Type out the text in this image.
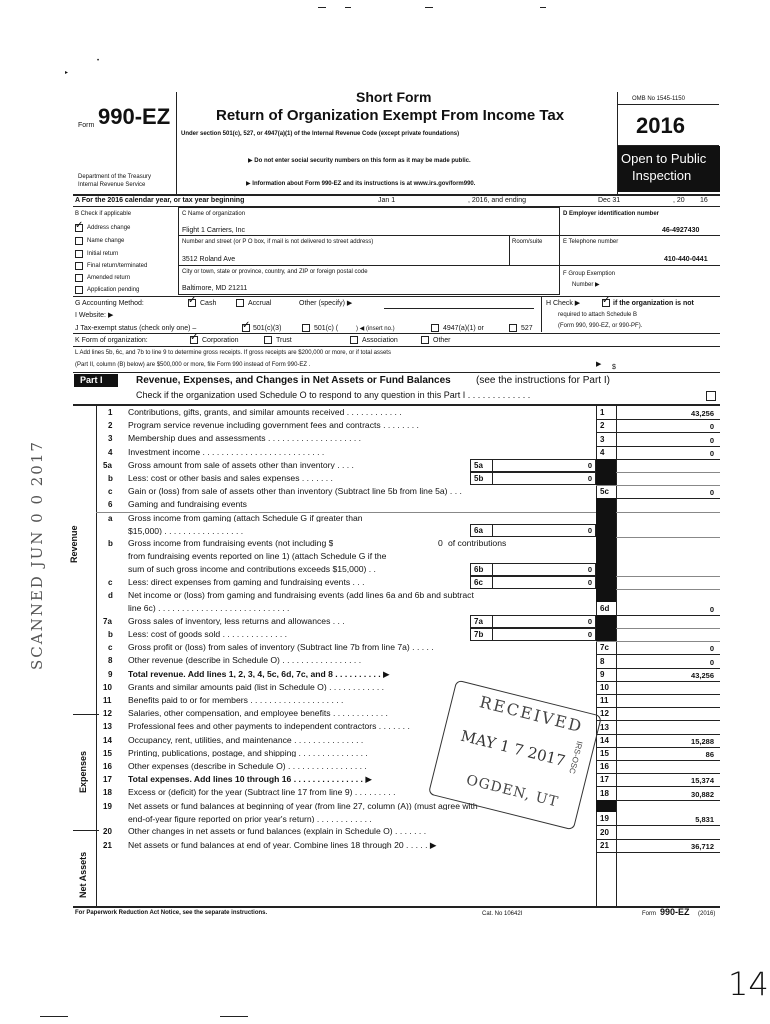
▸
•
Form 990-EZ
Department of the Treasury
Internal Revenue Service
Short Form
Return of Organization Exempt From Income Tax
Under section 501(c), 527, or 4947(a)(1) of the Internal Revenue Code (except private foundations)
▶ Do not enter social security numbers on this form as it may be made public.
▶ Information about Form 990-EZ and its instructions is at www.irs.gov/form990.
OMB No 1545-1150
2016
Open to Public
Inspection
A For the 2016 calendar year, or tax year beginning	Jan 1	, 2016, and ending	Dec 31	, 20 16
B Check if applicable
✓
Address change
Name change
Initial return
Final return/terminated
Amended return
Application pending
C Name of organization
Flight 1 Carriers, Inc
Number and street (or P O box, if mail is not delivered to street address)	Room/suite
3512 Roland Ave
City or town, state or province, country, and ZIP or foreign postal code
Baltimore, MD 21211
D Employer identification number
46-4927430
E Telephone number
410-440-0441
F Group Exemption
Number ▶
G Accounting Method: ✓	Cash	Accrual	Other (specify) ▶
I Website: ▶
H Check ▶ ✓	if the organization is not
required to attach Schedule B
(Form 990, 990-EZ, or 990-PF).
J Tax-exempt status (check only one) – ✓	501(c)(3)	501(c) (	) ◀ (insert no.)	4947(a)(1) or	527
K Form of organization: ✓	Corporation	Trust	Association	Other
L Add lines 5b, 6c, and 7b to line 9 to determine gross receipts. If gross receipts are $200,000 or more, or if total assets
(Part II, column (B) below) are $500,000 or more, file Form 990 instead of Form 990-EZ .	▶ $
Part I	Revenue, Expenses, and Changes in Net Assets or Fund Balances	(see the instructions for Part I)
Check if the organization used Schedule O to respond to any question in this Part I . . . . . . . . . . . . .
Revenue
Expenses
Net Assets
1 Contributions, gifts, grants, and similar amounts received . . . . . . . . . . . .	1	43,256
2 Program service revenue including government fees and contracts . . . . . . . .	2	0
3 Membership dues and assessments . . . . . . . . . . . . . . . . . . . .	3	0
4 Investment income . . . . . . . . . . . . . . . . . . . . . . . . . .	4	0
5a Gross amount from sale of assets other than inventory . . . .	5a	0
b Less: cost or other basis and sales expenses . . . . . . .	5b	0
c Gain or (loss) from sale of assets other than inventory (Subtract line 5b from line 5a) . . .	5c	0
6 Gaming and fundraising events
a Gross income from gaming (attach Schedule G if greater than
$15,000) . . . . . . . . . . . . . . . . .	6a	0
b Gross income from fundraising events (not including $	0 of contributions
from fundraising events reported on line 1) (attach Schedule G if the
sum of such gross income and contributions exceeds $15,000) . .	6b	0
c Less: direct expenses from gaming and fundraising events . . .	6c	0
d Net income or (loss) from gaming and fundraising events (add lines 6a and 6b and subtract
line 6c) . . . . . . . . . . . . . . . . . . . . . . . . . . . .	6d	0
7a Gross sales of inventory, less returns and allowances . . .	7a	0
b Less: cost of goods sold . . . . . . . . . . . . . .	7b	0
c Gross profit or (loss) from sales of inventory (Subtract line 7b from line 7a) . . . . .	7c	0
8 Other revenue (describe in Schedule O) . . . . . . . . . . . . . . . . .	8	0
9 Total revenue. Add lines 1, 2, 3, 4, 5c, 6d, 7c, and 8 . . . . . . . . . . ▶	9	43,256
10 Grants and similar amounts paid (list in Schedule O) . . . . . . . . . . . .	10
11 Benefits paid to or for members . . . . . . . . . . . . . . . . . . . .	11
12 Salaries, other compensation, and employee benefits . . . . . . . . . . . .	12
13 Professional fees and other payments to independent contractors . . . . . . .	13
14 Occupancy, rent, utilities, and maintenance . . . . . . . . . . . . . . .	14	15,288
15 Printing, publications, postage, and shipping . . . . . . . . . . . . . . .	15	86
16 Other expenses (describe in Schedule O) . . . . . . . . . . . . . . . . .	16
17 Total expenses. Add lines 10 through 16 . . . . . . . . . . . . . . . ▶	17	15,374
18 Excess or (deficit) for the year (Subtract line 17 from line 9) . . . . . . . . .	18	30,882
19 Net assets or fund balances at beginning of year (from line 27, column (A)) (must agree with
end-of-year figure reported on prior year's return) . . . . . . . . . . . .	19	5,831
20 Other changes in net assets or fund balances (explain in Schedule O) . . . . . . .	20
21 Net assets or fund balances at end of year. Combine lines 18 through 20 . . . . . ▶	21	36,712
RECEIVED
MAY 1 7 2017
OGDEN, UT
IRS-OSC
For Paperwork Reduction Act Notice, see the separate instructions.	Cat. No 10642I	Form 990-EZ (2016)
SCANNED JUN 0 0 2017
14
